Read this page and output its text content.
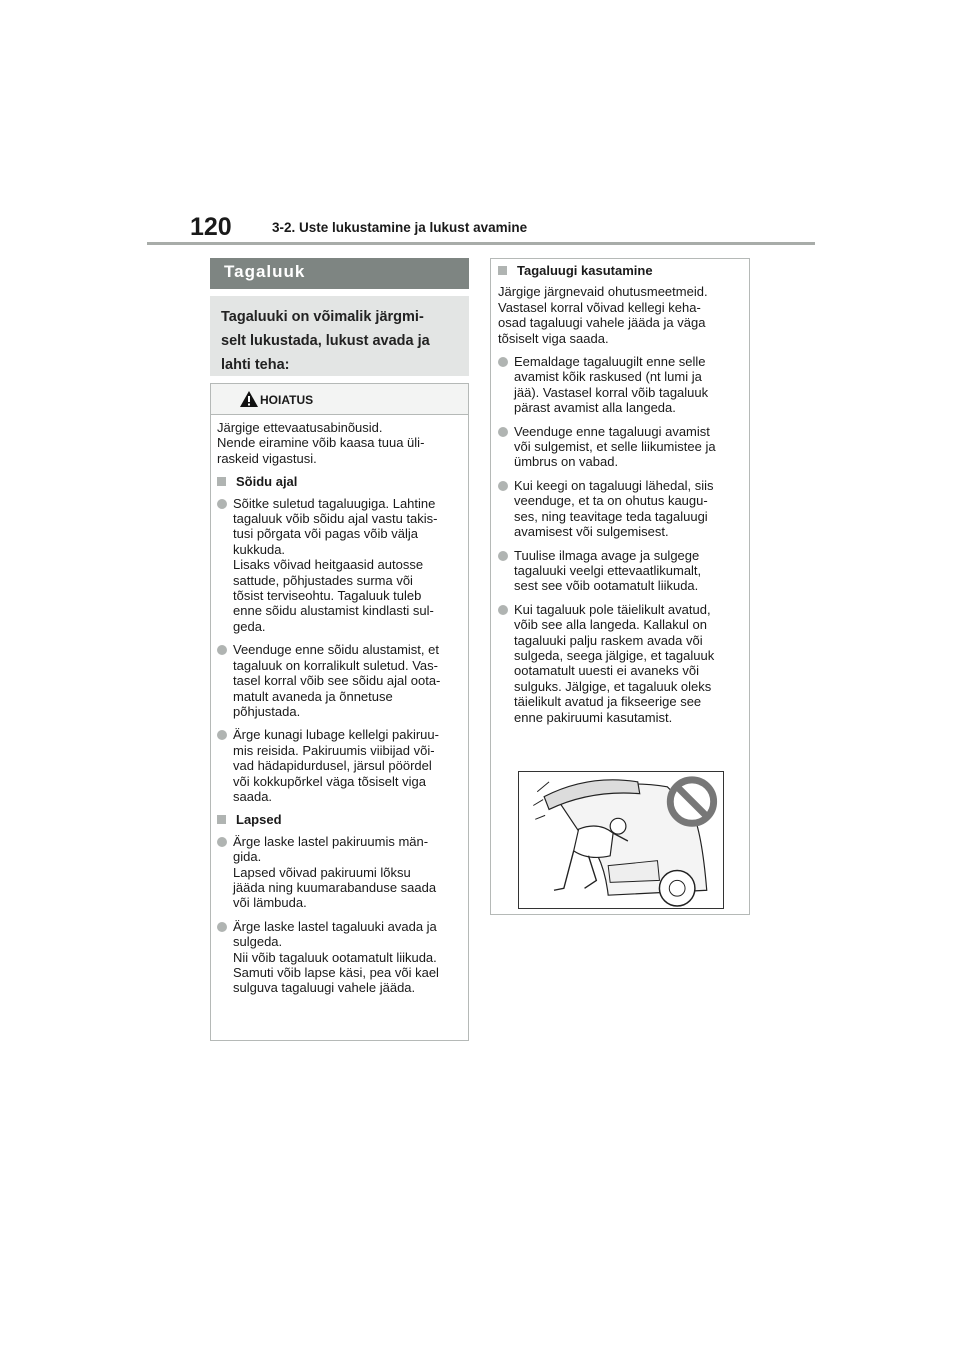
120	3-2. Uste lukustamine ja lukust avamine
Tagaluuk
Tagaluuki on võimalik järgmi-
selt lukustada, lukust avada ja
lahti teha:
HOIATUS

Järgige ettevaatusabinõusid.
Nende eiramine võib kaasa tuua üli-
raskeid vigastusi.

Sõidu ajal

Sõitke suletud tagaluugiga. Lahtine
tagaluuk võib sõidu ajal vastu takis-
tusi põrgata või pagas võib välja
kukkuda.
Lisaks võivad heitgaasid autosse
sattude, põhjustades surma või
tõsist terviseohtu. Tagaluuk tuleb
enne sõidu alustamist kindlasti sul-
geda.

Veenduge enne sõidu alustamist, et
tagaluuk on korralikult suletud. Vas-
tasel korral võib see sõidu ajal oota-
matult avaneda ja õnnetuse
põhjustada.

Ärge kunagi lubage kellelgi pakiruu-
mis reisida. Pakiruumis viibijad või-
vad hädapidurdusel, järsul pöördel
või kokkupõrkel väga tõsiselt viga
saada.

Lapsed

Ärge laske lastel pakiruumis män-
gida.
Lapsed võivad pakiruumi lõksu
jääda ning kuumarabanduse saada
või lämbuda.

Ärge laske lastel tagaluuki avada ja
sulgeda.
Nii võib tagaluuk ootamatult liikuda.
Samuti võib lapse käsi, pea või kael
sulguva tagaluugi vahele jääda.

Tagaluugi kasutamine

Järgige järgnevaid ohutusmeetmeid.
Vastasel korral võivad kellegi keha-
osad tagaluugi vahele jääda ja väga
tõsiselt viga saada.

Eemaldage tagaluugilt enne selle
avamist kõik raskused (nt lumi ja
jää). Vastasel korral võib tagaluuk
pärast avamist alla langeda.

Veenduge enne tagaluugi avamist
või sulgemist, et selle liikumistee ja
ümbrus on vabad.

Kui keegi on tagaluugi lähedal, siis
veenduge, et ta on ohutus kaugu-
ses, ning teavitage teda tagaluugi
avamisest või sulgemisest.

Tuulise ilmaga avage ja sulgege
tagaluuki veelgi ettevaatlikumalt,
sest see võib ootamatult liikuda.

Kui tagaluuk pole täielikult avatud,
võib see alla langeda. Kallakul on
tagaluuki palju raskem avada või
sulgeda, seega jälgige, et tagaluuk
ootamatult uuesti ei avaneks või
sulguks. Jälgige, et tagaluuk oleks
täielikult avatud ja fikseerige see
enne pakiruumi kasutamist.
